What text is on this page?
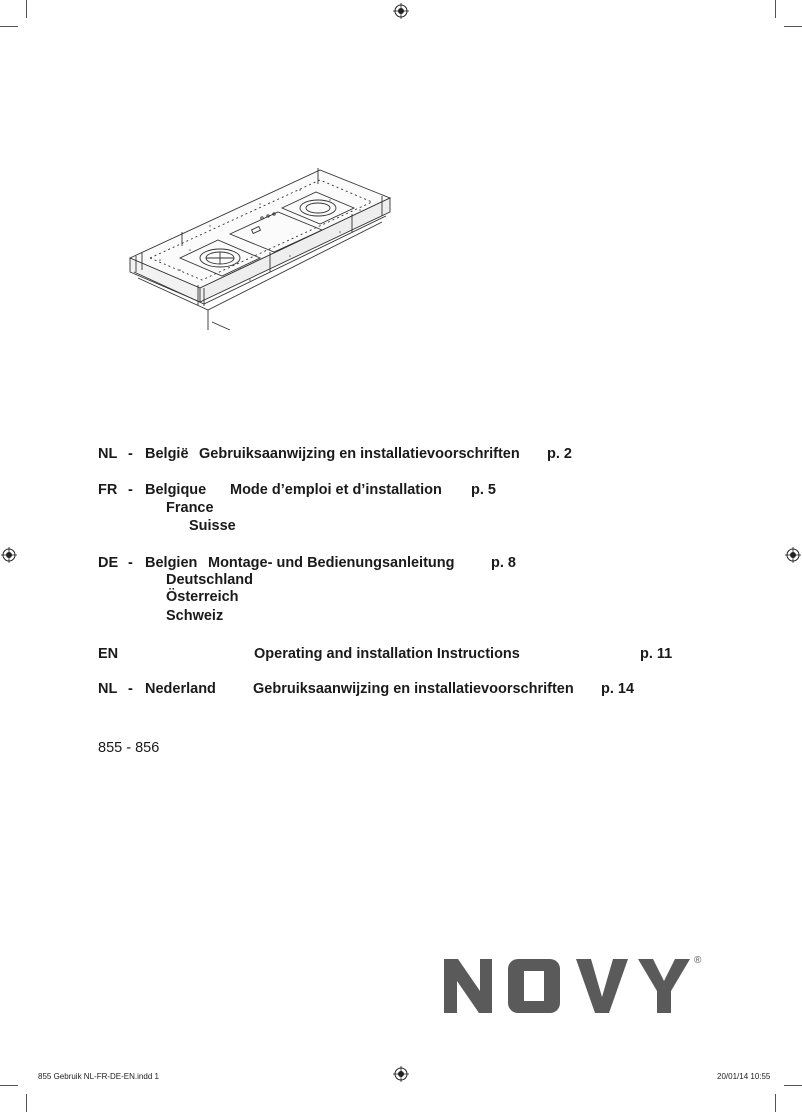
NL - België Gebruiksaanwijzing en installatievoorschriften p. 2
FR - Belgique Mode d’emploi et d’installation p. 5
France
Suisse
DE - Belgien Montage- und Bedienungsanleitung	p. 8
Deutschland
Österreich
Schweiz
EN	Operating and installation Instructions	p. 11
NL - Nederland	Gebruiksaanwijzing en installatievoorschriften p. 14
855 - 856
®
855 Gebruik NL-FR-DE-EN.indd 1	20/01/14 10:55
